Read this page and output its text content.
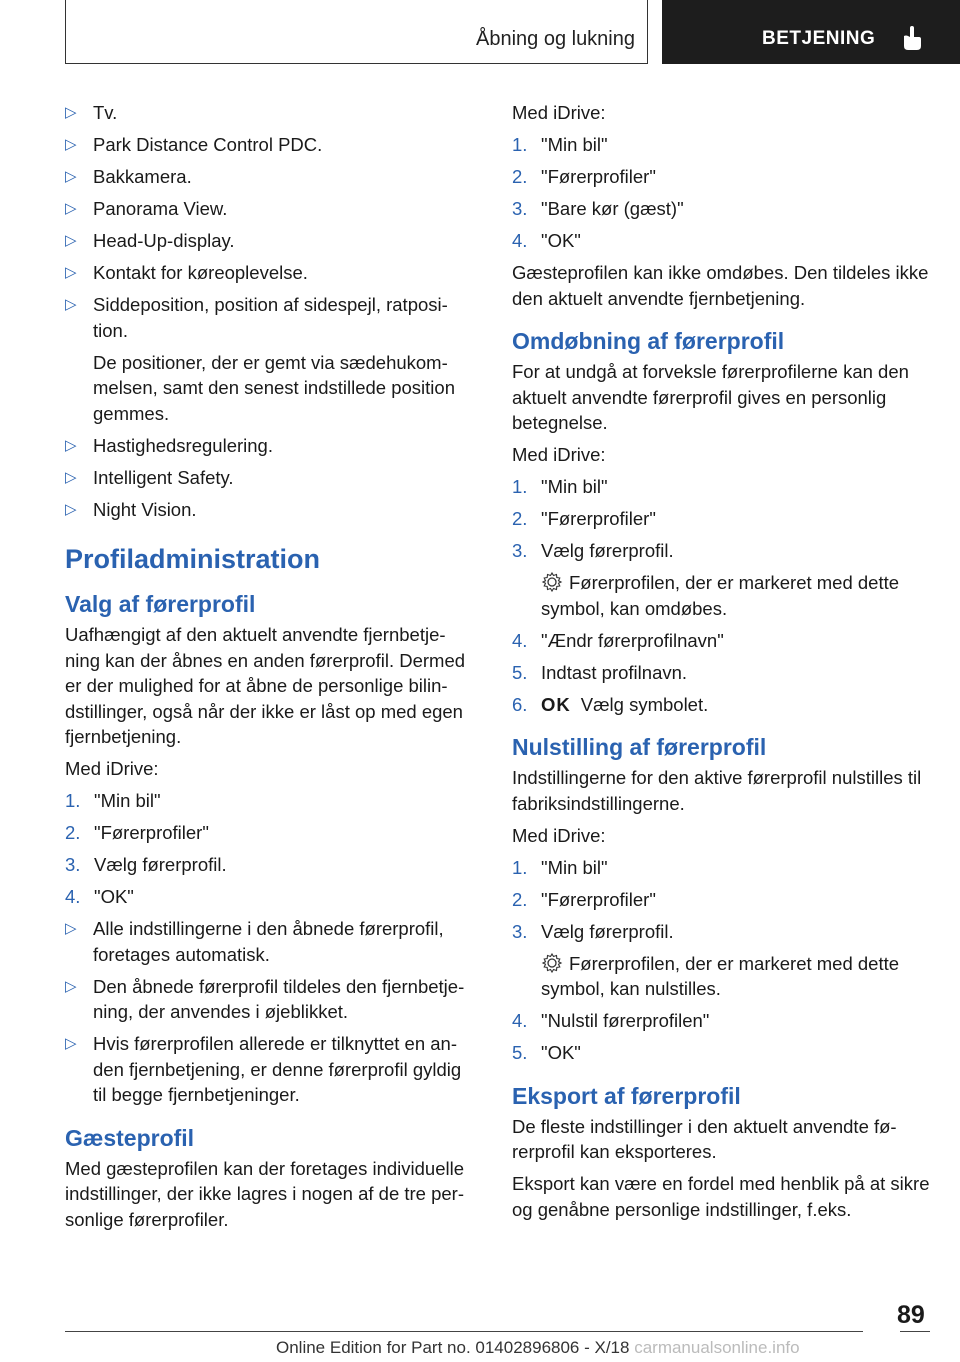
Åbning og lukning	BETJENING
▷ Tv.
▷ Park Distance Control PDC.
▷ Bakkamera.
▷ Panorama View.
▷ Head-Up-display.
▷ Kontakt for køreoplevelse.
▷ Siddeposition, position af sidespejl, ratposi-tion.
De positioner, der er gemt via sædehukom-melsen, samt den senest indstillede position gemmes.
▷ Hastighedsregulering.
▷ Intelligent Safety.
▷ Night Vision.
Profiladministration
Valg af førerprofil

Uafhængigt af den aktuelt anvendte fjernbetje-ning kan der åbnes en anden førerprofil. Dermed er der mulighed for at åbne de personlige bilin-dstillinger, også når der ikke er låst op med egen fjernbetjening.

Med iDrive:

1. "Min bil"
2. "Førerprofiler"
3. Vælg førerprofil.
4. "OK"
▷ Alle indstillingerne i den åbnede førerprofil, foretages automatisk.
▷ Den åbnede førerprofil tildeles den fjernbetje-ning, der anvendes i øjeblikket.
▷ Hvis førerprofilen allerede er tilknyttet en an-den fjernbetjening, er denne førerprofil gyldig til begge fjernbetjeninger.
Gæsteprofil

Med gæsteprofilen kan der foretages individuelle indstillinger, der ikke lagres i nogen af de tre per-sonlige førerprofiler.

Med iDrive:

1. "Min bil"
2. "Førerprofiler"
3. "Bare kør (gæst)"
4. "OK"

Gæsteprofilen kan ikke omdøbes. Den tildeles ikke den aktuelt anvendte fjernbetjening.

Omdøbning af førerprofil

For at undgå at forveksle førerprofilerne kan den aktuelt anvendte førerprofil gives en personlig betegnelse.

Med iDrive:

1. "Min bil"
2. "Førerprofiler"
3. Vælg førerprofil.
Førerprofilen, der er markeret med dette symbol, kan omdøbes.
4. "Ændr førerprofilnavn"
5. Indtast profilnavn.
6. OK Vælg symbolet.
Nulstilling af førerprofil

Indstillingerne for den aktive førerprofil nulstilles til fabriksindstillingerne.

Med iDrive:

1. "Min bil"
2. "Førerprofiler"
3. Vælg førerprofil.
Førerprofilen, der er markeret med dette symbol, kan nulstilles.
4. "Nulstil førerprofilen"
5. "OK"
Eksport af førerprofil

De fleste indstillinger i den aktuelt anvendte fø-rerprofil kan eksporteres.

Eksport kan være en fordel med henblik på at sikre og genåbne personlige indstillinger, f.eks.

89
Online Edition for Part no. 01402896806 - X/18 carmanualsonline.info
